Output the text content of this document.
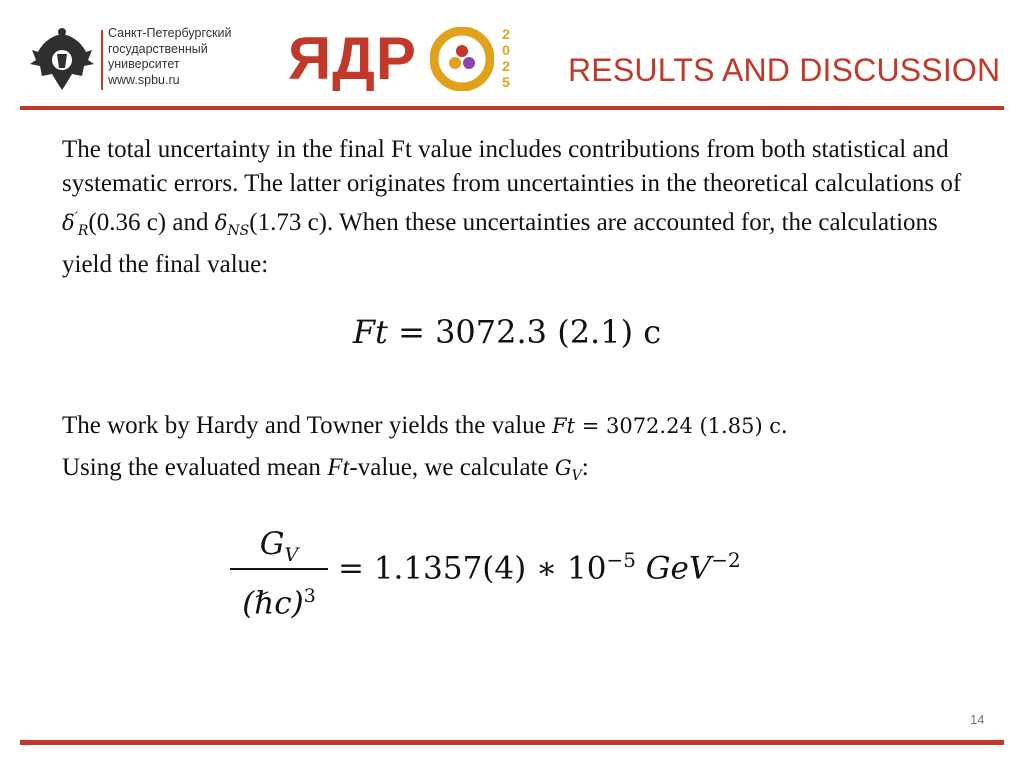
Санкт-Петербургский
государственный
университет
www.spbu.ru	ЯДР	2
0
2
5 RESULTS AND DISCUSSION
The total uncertainty in the final Ft value includes contributions from both statistical and systematic errors. The latter originates from uncertainties in the theoretical calculations of $\delta'_R(0.36$ c) and $\delta_{NS}(1.73$ c). When these uncertainties are accounted for, the calculations yield the final value:
Ft = 3072.3 (2.1) c
The work by Hardy and Towner yields the value Ft = 3072.24 (1.85) c.
Using the evaluated mean Ft-value, we calculate $G_V$:
$G_V$
(ℏc)$^3$
= 1.1357(4) ∗ $10^{-5}$ GeV$^{-2}$
14
